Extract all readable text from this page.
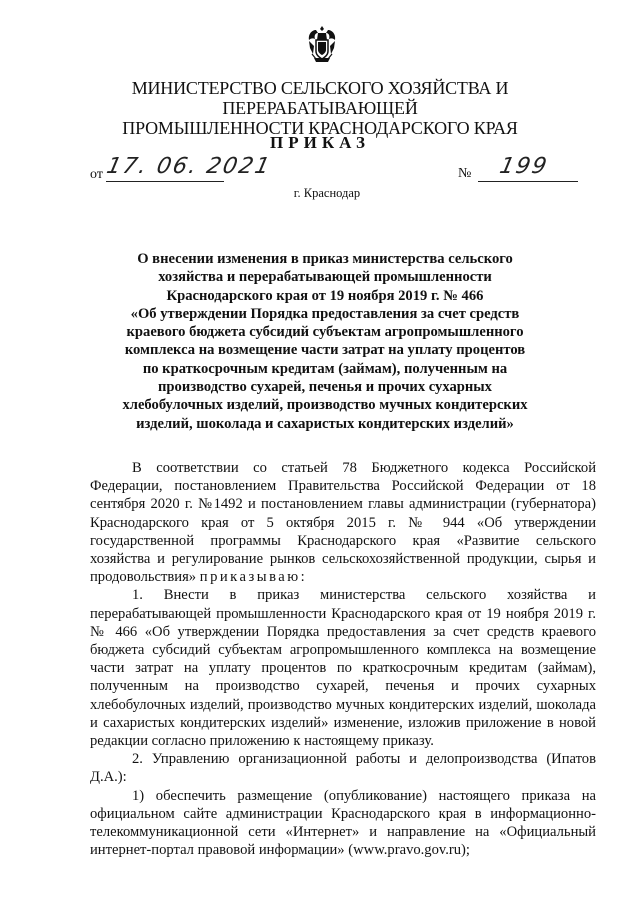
МИНИСТЕРСТВО СЕЛЬСКОГО ХОЗЯЙСТВА И ПЕРЕРАБАТЫВАЮЩЕЙ
ПРОМЫШЛЕННОСТИ КРАСНОДАРСКОГО КРАЯ
ПРИКАЗ
от 17. 06. 2021	№ 199
г. Краснодар
О внесении изменения в приказ министерства сельского
хозяйства и перерабатывающей промышленности
Краснодарского края от 19 ноября 2019 г. № 466
«Об утверждении Порядка предоставления за счет средств
краевого бюджета субсидий субъектам агропромышленного
комплекса на возмещение части затрат на уплату процентов
по краткосрочным кредитам (займам), полученным на
производство сухарей, печенья и прочих сухарных
хлебобулочных изделий, производство мучных кондитерских
изделий, шоколада и сахаристых кондитерских изделий»

В соответствии со статьей 78 Бюджетного кодекса Российской Федерации, постановлением Правительства Российской Федерации от 18 сентября 2020 г. №1492 и постановлением главы администрации (губернатора) Краснодарского края от 5 октября 2015 г. № 944 «Об утверждении государственной программы Краснодарского края «Развитие сельского хозяйства и регулирование рынков сельскохозяйственной продукции, сырья и продовольствия» приказываю:

1. Внести в приказ министерства сельского хозяйства и перерабатывающей промышленности Краснодарского края от 19 ноября 2019 г. № 466 «Об утверждении Порядка предоставления за счет средств краевого бюджета субсидий субъектам агропромышленного комплекса на возмещение части затрат на уплату процентов по краткосрочным кредитам (займам), полученным на производство сухарей, печенья и прочих сухарных хлебобулочных изделий, производство мучных кондитерских изделий, шоколада и сахаристых кондитерских изделий» изменение, изложив приложение в новой редакции согласно приложению к настоящему приказу.

2. Управлению организационной работы и делопроизводства (Ипатов Д.А.):

1) обеспечить размещение (опубликование) настоящего приказа на официальном сайте администрации Краснодарского края в информационно-телекоммуникационной сети «Интернет» и направление на «Официальный интернет-портал правовой информации» (www.pravo.gov.ru);
